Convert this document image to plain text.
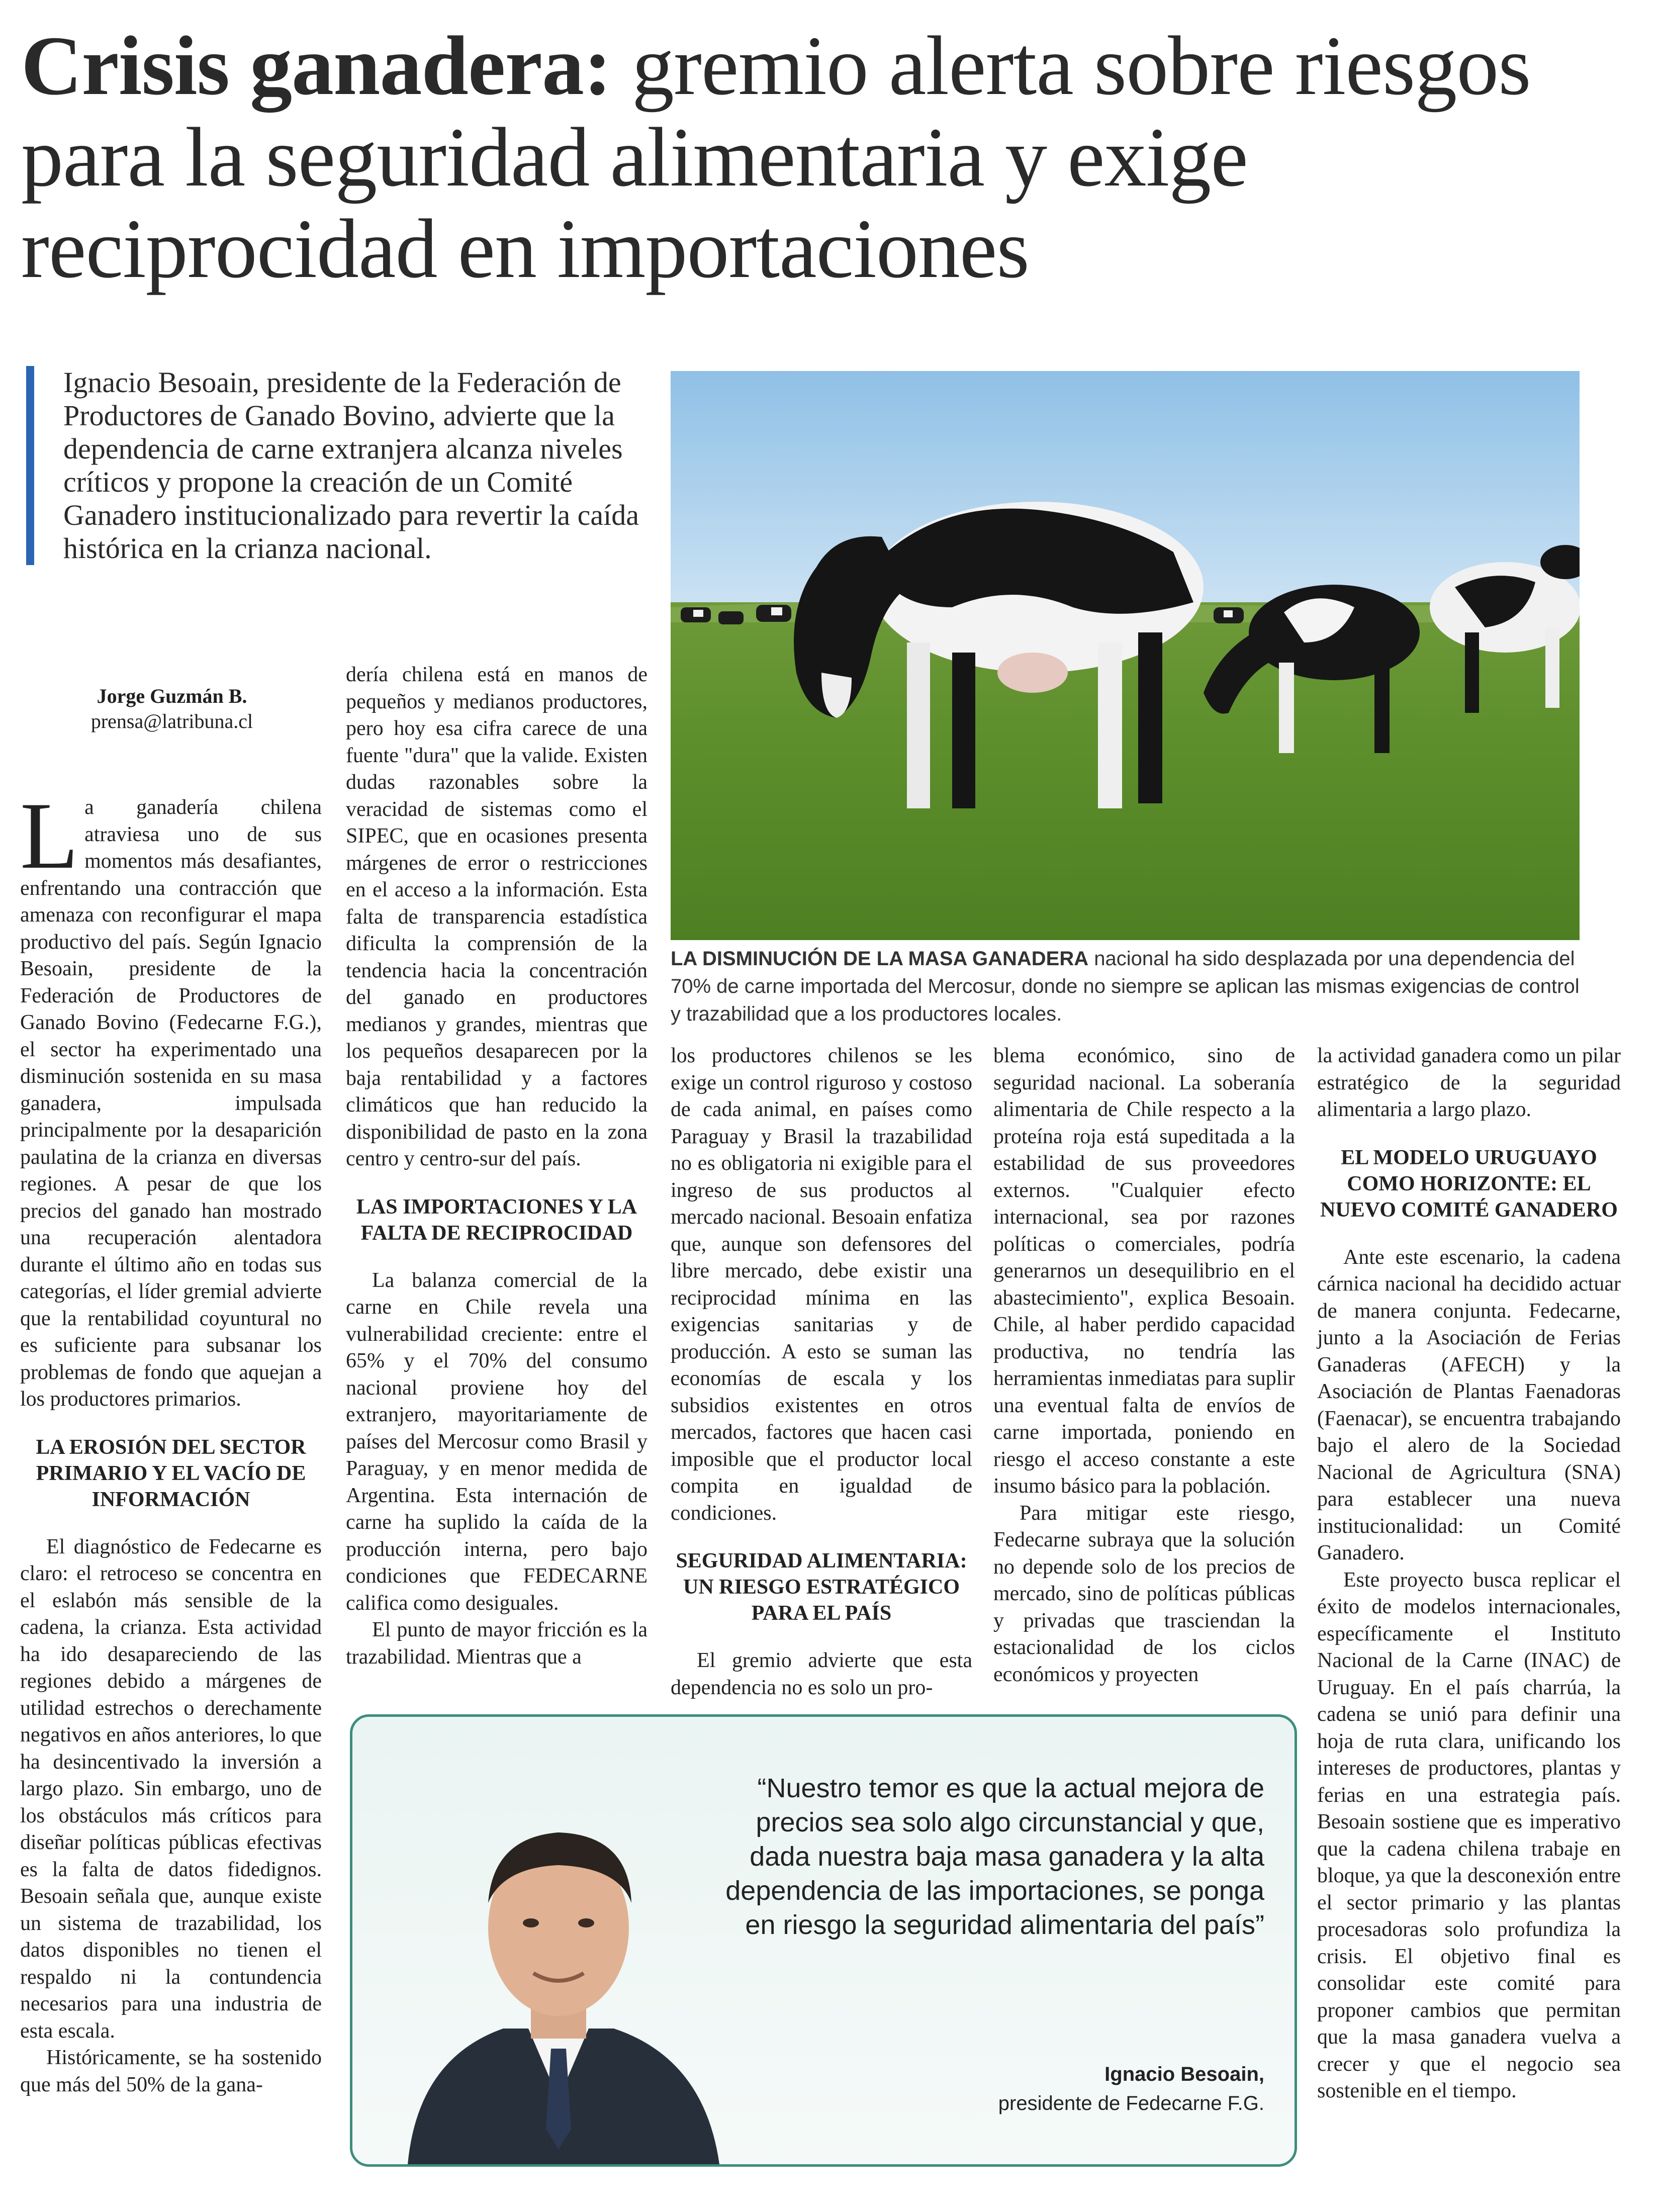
Crisis ganadera: gremio alerta sobre riesgos para la seguridad alimentaria y exige reciprocidad en importaciones
Ignacio Besoain, presidente de la Federación de Productores de Ganado Bovino, advierte que la dependencia de carne extranjera alcanza niveles críticos y propone la creación de un Comité Ganadero institucionalizado para revertir la caída histórica en la crianza nacional.
LA DISMINUCIÓN DE LA MASA GANADERA nacional ha sido desplazada por una dependencia del 70% de carne importada del Mercosur, donde no siempre se aplican las mismas exigencias de control y trazabilidad que a los productores locales.
Jorge Guzmán B.
prensa@latribuna.cl

La ganadería chilena atraviesa uno de sus momentos más desafiantes, enfrentando una contracción que amenaza con reconfigurar el mapa productivo del país. Según Ignacio Besoain, presidente de la Federación de Productores de Ganado Bovino (Fedecarne F.G.), el sector ha experimentado una disminución sostenida en su masa ganadera, impulsada principalmente por la desaparición paulatina de la crianza en diversas regiones. A pesar de que los precios del ganado han mostrado una recuperación alentadora durante el último año en todas sus categorías, el líder gremial advierte que la rentabilidad coyuntural no es suficiente para subsanar los problemas de fondo que aquejan a los productores primarios.

LA EROSIÓN DEL SECTOR PRIMARIO Y EL VACÍO DE INFORMACIÓN

El diagnóstico de Fedecarne es claro: el retroceso se concentra en el eslabón más sensible de la cadena, la crianza. Esta actividad ha ido desapareciendo de las regiones debido a márgenes de utilidad estrechos o derechamente negativos en años anteriores, lo que ha desincentivado la inversión a largo plazo. Sin embargo, uno de los obstáculos más críticos para diseñar políticas públicas efectivas es la falta de datos fidedignos. Besoain señala que, aunque existe un sistema de trazabilidad, los datos disponibles no tienen el respaldo ni la contundencia necesarios para una industria de esta escala.

Históricamente, se ha sostenido que más del 50% de la gana-

dería chilena está en manos de pequeños y medianos productores, pero hoy esa cifra carece de una fuente "dura" que la valide. Existen dudas razonables sobre la veracidad de sistemas como el SIPEC, que en ocasiones presenta márgenes de error o restricciones en el acceso a la información. Esta falta de transparencia estadística dificulta la comprensión de la tendencia hacia la concentración del ganado en productores medianos y grandes, mientras que los pequeños desaparecen por la baja rentabilidad y a factores climáticos que han reducido la disponibilidad de pasto en la zona centro y centro-sur del país.

LAS IMPORTACIONES Y LA FALTA DE RECIPROCIDAD

La balanza comercial de la carne en Chile revela una vulnerabilidad creciente: entre el 65% y el 70% del consumo nacional proviene hoy del extranjero, mayoritariamente de países del Mercosur como Brasil y Paraguay, y en menor medida de Argentina. Esta internación de carne ha suplido la caída de la producción interna, pero bajo condiciones que FEDECARNE califica como desiguales.

El punto de mayor fricción es la trazabilidad. Mientras que a

los productores chilenos se les exige un control riguroso y costoso de cada animal, en países como Paraguay y Brasil la trazabilidad no es obligatoria ni exigible para el ingreso de sus productos al mercado nacional. Besoain enfatiza que, aunque son defensores del libre mercado, debe existir una reciprocidad mínima en las exigencias sanitarias y de producción. A esto se suman las economías de escala y los subsidios existentes en otros mercados, factores que hacen casi imposible que el productor local compita en igualdad de condiciones.

SEGURIDAD ALIMENTARIA: UN RIESGO ESTRATÉGICO PARA EL PAÍS

El gremio advierte que esta dependencia no es solo un pro-

blema económico, sino de seguridad nacional. La soberanía alimentaria de Chile respecto a la proteína roja está supeditada a la estabilidad de sus proveedores externos. "Cualquier efecto internacional, sea por razones políticas o comerciales, podría generarnos un desequilibrio en el abastecimiento", explica Besoain. Chile, al haber perdido capacidad productiva, no tendría las herramientas inmediatas para suplir una eventual falta de envíos de carne importada, poniendo en riesgo el acceso constante a este insumo básico para la población.

Para mitigar este riesgo, Fedecarne subraya que la solución no depende solo de los precios de mercado, sino de políticas públicas y privadas que trasciendan la estacionalidad de los ciclos económicos y proyecten

la actividad ganadera como un pilar estratégico de la seguridad alimentaria a largo plazo.

EL MODELO URUGUAYO COMO HORIZONTE: EL NUEVO COMITÉ GANADERO

Ante este escenario, la cadena cárnica nacional ha decidido actuar de manera conjunta. Fedecarne, junto a la Asociación de Ferias Ganaderas (AFECH) y la Asociación de Plantas Faenadoras (Faenacar), se encuentra trabajando bajo el alero de la Sociedad Nacional de Agricultura (SNA) para establecer una nueva institucionalidad: un Comité Ganadero.

Este proyecto busca replicar el éxito de modelos internacionales, específicamente el Instituto Nacional de la Carne (INAC) de Uruguay. En el país charrúa, la cadena se unió para definir una hoja de ruta clara, unificando los intereses de productores, plantas y ferias en una estrategia país. Besoain sostiene que es imperativo que la cadena chilena trabaje en bloque, ya que la desconexión entre el sector primario y las plantas procesadoras solo profundiza la crisis. El objetivo final es consolidar este comité para proponer cambios que permitan que la masa ganadera vuelva a crecer y que el negocio sea sostenible en el tiempo.

“Nuestro temor es que la actual mejora de precios sea solo algo circunstancial y que, dada nuestra baja masa ganadera y la alta dependencia de las importaciones, se ponga en riesgo la seguridad alimentaria del país”
Ignacio Besoain,
presidente de Fedecarne F.G.
